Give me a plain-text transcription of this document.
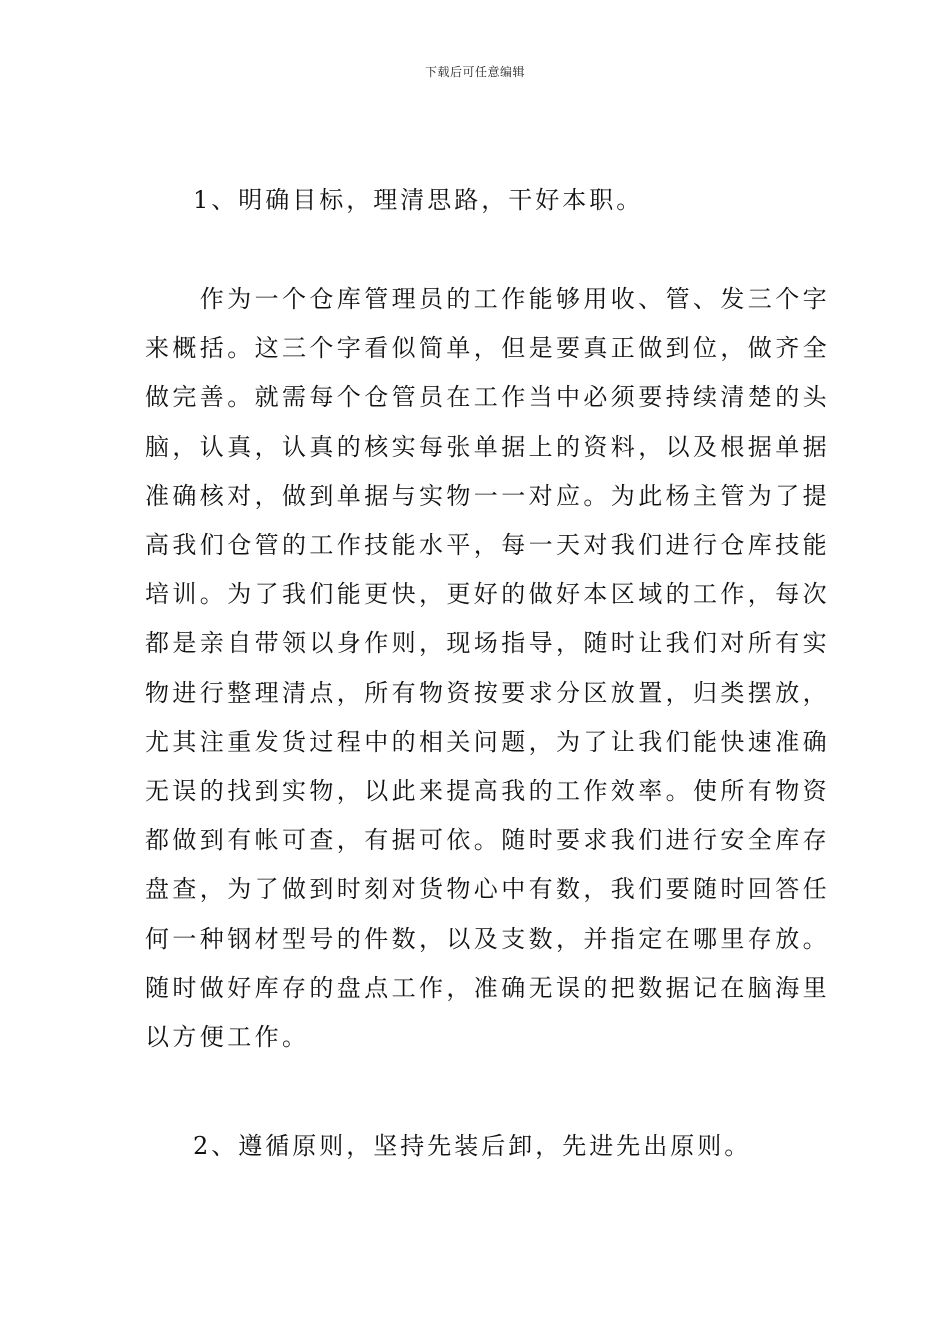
下载后可任意编辑
1、明确目标，理清思路，干好本职。
　　作为一个仓库管理员的工作能够用收、管、发三个字
来概括。这三个字看似简单，但是要真正做到位，做齐全
做完善。就需每个仓管员在工作当中必须要持续清楚的头
脑，认真，认真的核实每张单据上的资料，以及根据单据
准确核对，做到单据与实物一一对应。为此杨主管为了提
高我们仓管的工作技能水平，每一天对我们进行仓库技能
培训。为了我们能更快，更好的做好本区域的工作，每次
都是亲自带领以身作则，现场指导，随时让我们对所有实
物进行整理清点，所有物资按要求分区放置，归类摆放，
尤其注重发货过程中的相关问题，为了让我们能快速准确
无误的找到实物，以此来提高我的工作效率。使所有物资
都做到有帐可查，有据可依。随时要求我们进行安全库存
盘查，为了做到时刻对货物心中有数，我们要随时回答任
何一种钢材型号的件数，以及支数，并指定在哪里存放。
随时做好库存的盘点工作，准确无误的把数据记在脑海里
以方便工作。
2、遵循原则，坚持先装后卸，先进先出原则。
